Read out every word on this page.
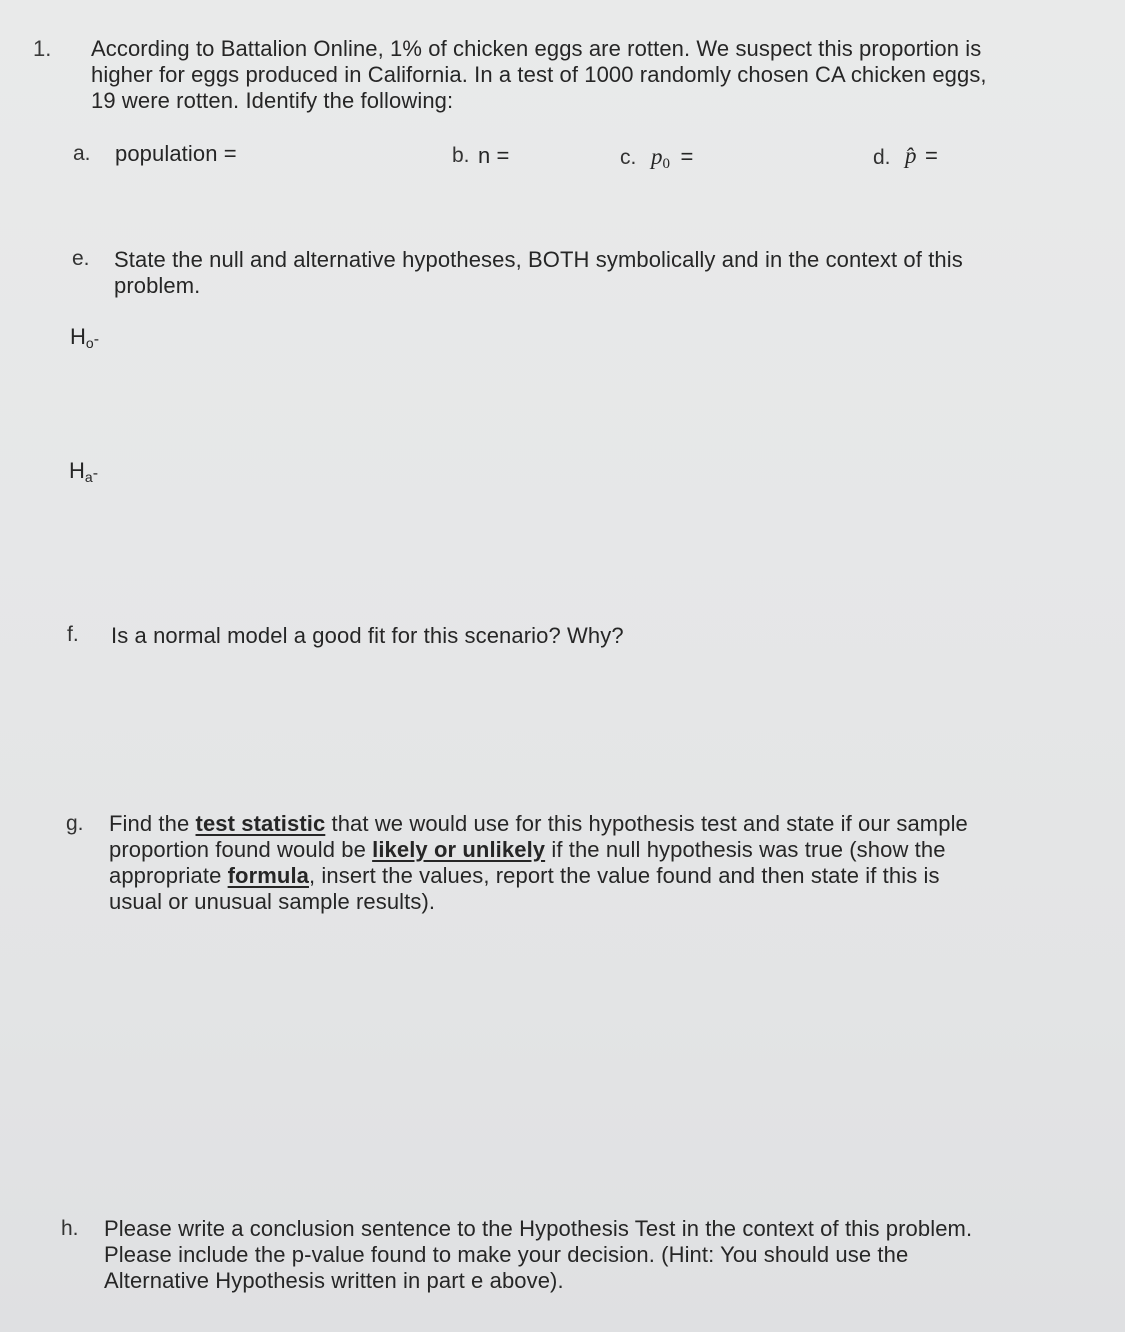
1. According to Battalion Online, 1% of chicken eggs are rotten. We suspect this proportion is
higher for eggs produced in California. In a test of 1000 randomly chosen CA chicken eggs,
19 were rotten. Identify the following:
a. population =	b. n =	c. $p_0$ =	d. p̂ =
e. State the null and alternative hypotheses, BOTH symbolically and in the context of this
problem.
$H_o-$
$H_a-$
f. Is a normal model a good fit for this scenario? Why?
g. Find the test statistic that we would use for this hypothesis test and state if our sample
proportion found would be likely or unlikely if the null hypothesis was true (show the
appropriate formula, insert the values, report the value found and then state if this is
usual or unusual sample results).
h. Please write a conclusion sentence to the Hypothesis Test in the context of this problem.
Please include the p-value found to make your decision. (Hint: You should use the
Alternative Hypothesis written in part e above).
